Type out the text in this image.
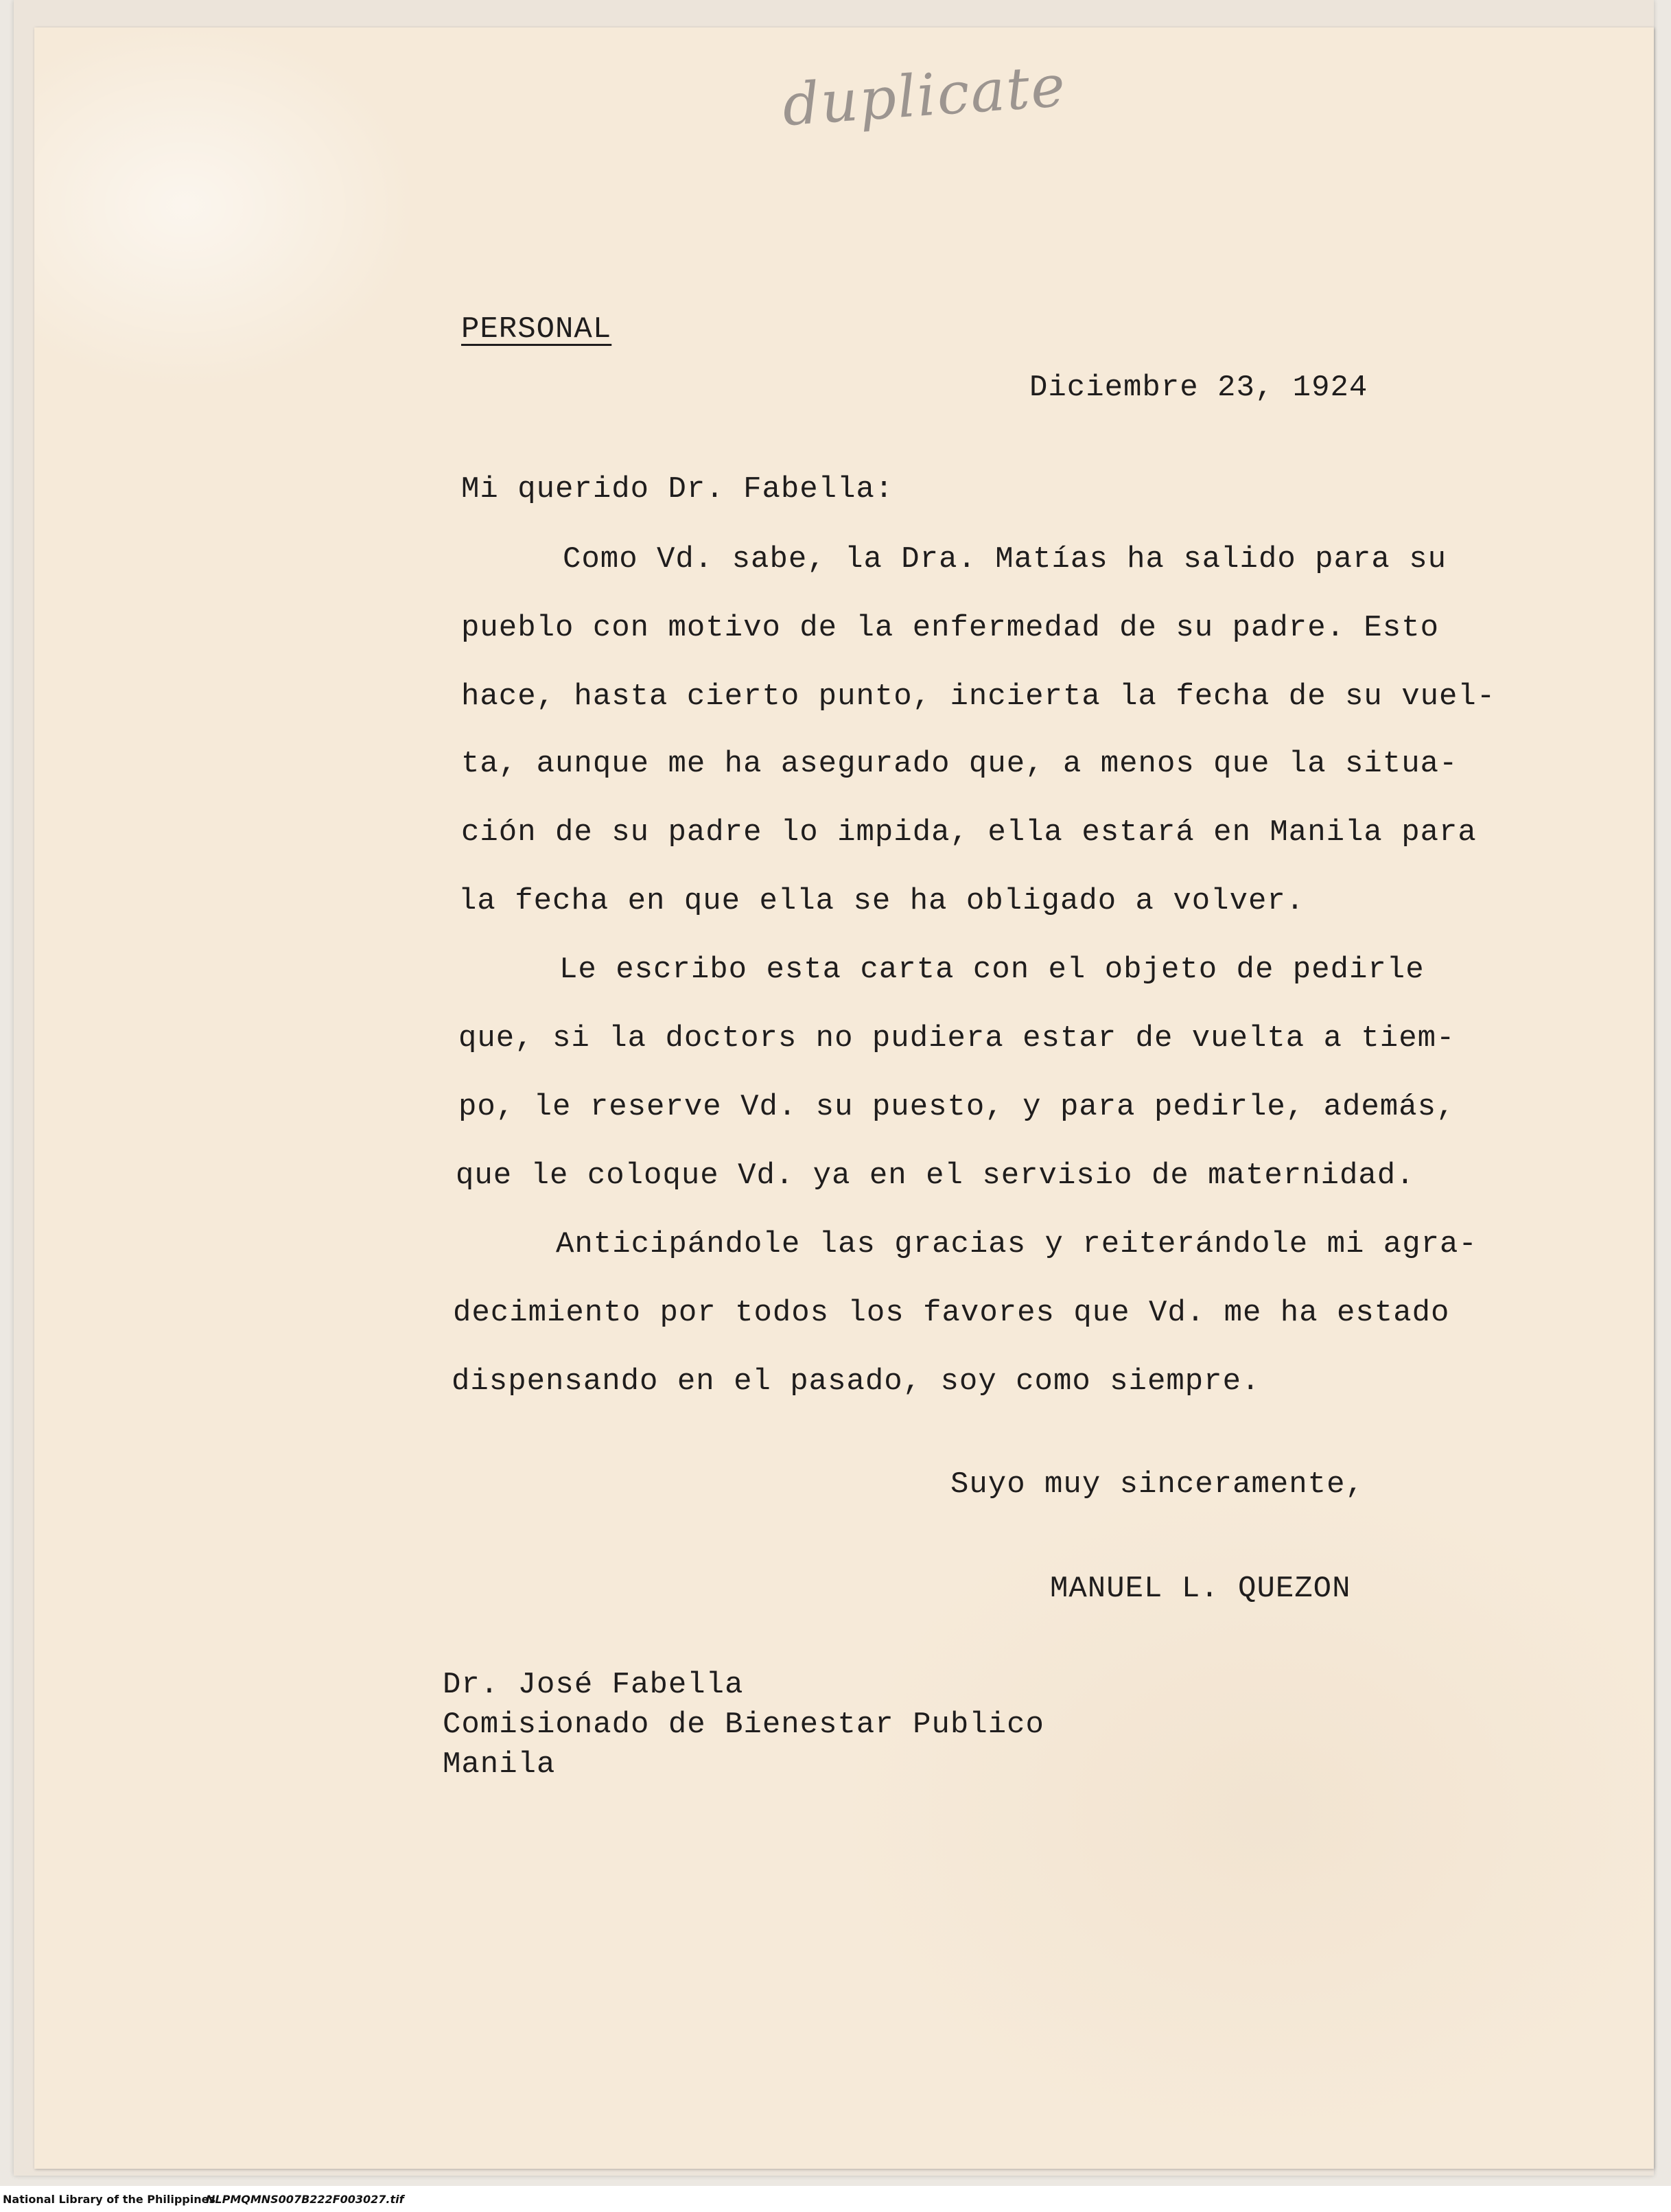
duplicate
PERSONAL
Diciembre 23, 1924
Mi querido Dr. Fabella:
Como Vd. sabe, la Dra. Matías ha salido para su
pueblo con motivo de la enfermedad de su padre. Esto
hace, hasta cierto punto, incierta la fecha de su vuel-
ta, aunque me ha asegurado que, a menos que la situa-
ción de su padre lo impida, ella estará en Manila para
la fecha en que ella se ha obligado a volver.
Le escribo esta carta con el objeto de pedirle
que, si la doctors no pudiera estar de vuelta a tiem-
po, le reserve Vd. su puesto, y para pedirle, además,
que le coloque Vd. ya en el servisio de maternidad.
Anticipándole las gracias y reiterándole mi agra-
decimiento por todos los favores que Vd. me ha estado
dispensando en el pasado, soy como siempre.
Suyo muy sinceramente,
MANUEL L. QUEZON
Dr. José Fabella
Comisionado de Bienestar Publico
Manila
National Library of the Philippines
NLPMQMNS007B222F003027.tif
